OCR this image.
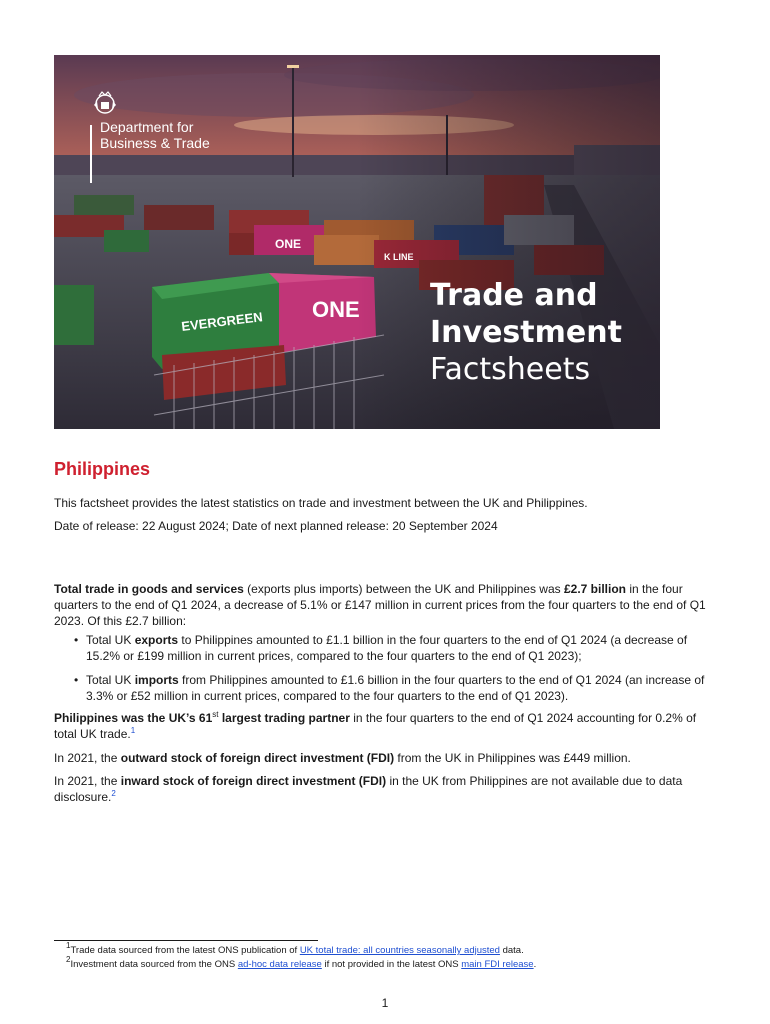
EVERGREEN ONE
ONE
K LINE
Department for
Business & Trade
Trade and
Investment
Factsheets
Philippines
This factsheet provides the latest statistics on trade and investment between the UK and Philippines.
Date of release: 22 August 2024; Date of next planned release: 20 September 2024
Total trade in goods and services (exports plus imports) between the UK and Philippines was £2.7 billion in the four quarters to the end of Q1 2024, a decrease of 5.1% or £147 million in current prices from the four quarters to the end of Q1 2023. Of this £2.7 billion:
• Total UK exports to Philippines amounted to £1.1 billion in the four quarters to the end of Q1 2024 (a decrease of 15.2% or £199 million in current prices, compared to the four quarters to the end of Q1 2023);
• Total UK imports from Philippines amounted to £1.6 billion in the four quarters to the end of Q1 2024 (an increase of 3.3% or £52 million in current prices, compared to the four quarters to the end of Q1 2023).
Philippines was the UK’s 61st largest trading partner in the four quarters to the end of Q1 2024 accounting for 0.2% of total UK trade.$^1$
In 2021, the outward stock of foreign direct investment (FDI) from the UK in Philippines was £449 million.
In 2021, the inward stock of foreign direct investment (FDI) in the UK from Philippines are not available due to data disclosure.$^2$
$^1$Trade data sourced from the latest ONS publication of UK total trade: all countries seasonally adjusted data.
$^2$Investment data sourced from the ONS ad-hoc data release if not provided in the latest ONS main FDI release.
1
